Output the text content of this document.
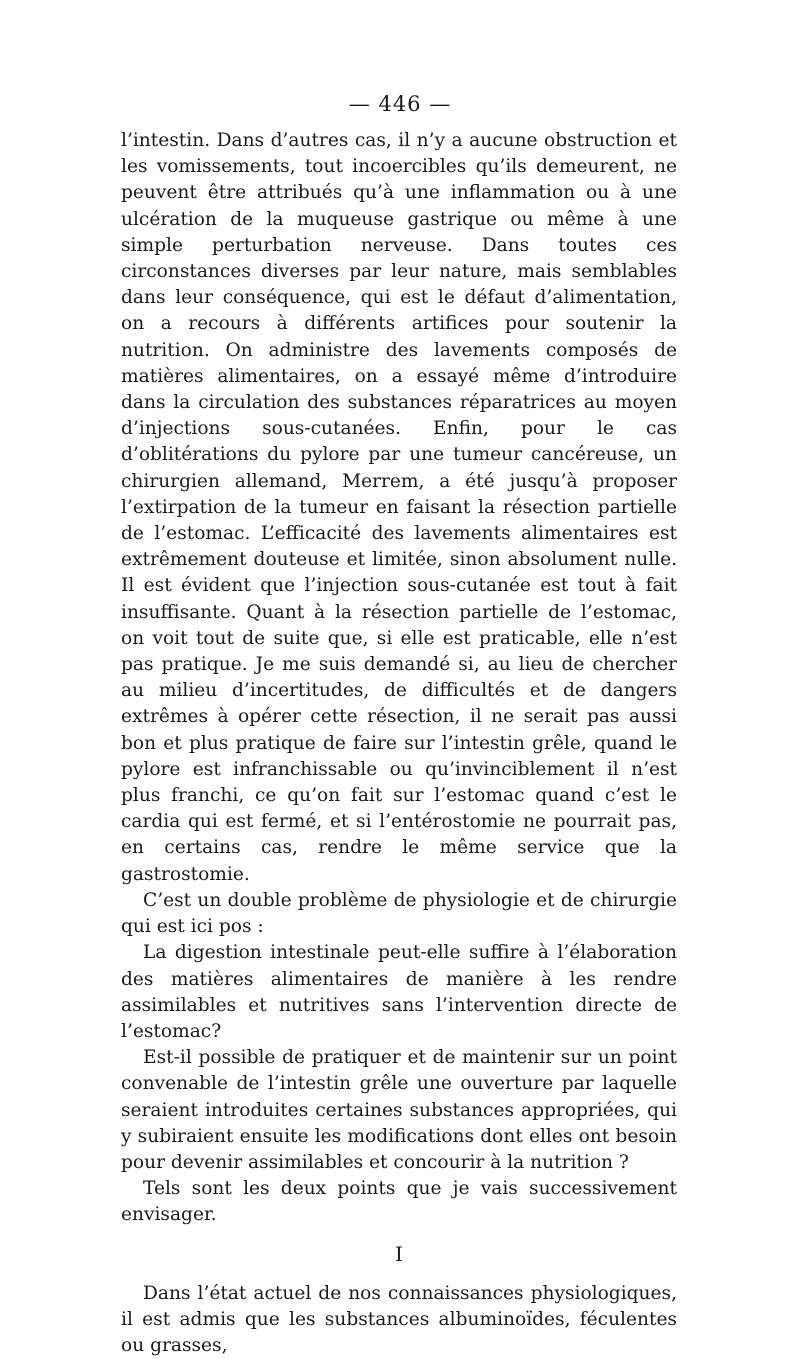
— 446 —

l’intestin. Dans d’autres cas, il n’y a aucune obstruction et les vomissements, tout incoercibles qu’ils demeurent, ne peuvent être attribués qu’à une inflammation ou à une ulcération de la muqueuse gastrique ou même à une simple perturbation nerveuse. Dans toutes ces circonstances diverses par leur nature, mais semblables dans leur conséquence, qui est le défaut d’alimentation, on a recours à différents artifices pour soutenir la nutrition. On administre des lavements composés de matières alimentaires, on a essayé même d’introduire dans la circulation des substances réparatrices au moyen d’injections sous-cutanées. Enfin, pour le cas d’oblitérations du pylore par une tumeur cancéreuse, un chirurgien allemand, Merrem, a été jusqu’à proposer l’extirpation de la tumeur en faisant la résection partielle de l’estomac. L’efficacité des lavements alimentaires est extrêmement douteuse et limitée, sinon absolument nulle. Il est évident que l’injection sous-cutanée est tout à fait insuffisante. Quant à la résection partielle de l’estomac, on voit tout de suite que, si elle est praticable, elle n’est pas pratique. Je me suis demandé si, au lieu de chercher au milieu d’incertitudes, de difficultés et de dangers extrêmes à opérer cette résection, il ne serait pas aussi bon et plus pratique de faire sur l’intestin grêle, quand le pylore est infranchissable ou qu’invinciblement il n’est plus franchi, ce qu’on fait sur l’estomac quand c’est le cardia qui est fermé, et si l’entérostomie ne pourrait pas, en certains cas, rendre le même service que la gastrostomie.

C’est un double problème de physiologie et de chirurgie qui est ici pos :

La digestion intestinale peut-elle suffire à l’élaboration des matières alimentaires de manière à les rendre assimilables et nutritives sans l’intervention directe de l’estomac?

Est-il possible de pratiquer et de maintenir sur un point convenable de l’intestin grêle une ouverture par laquelle seraient introduites certaines substances appropriées, qui y subiraient ensuite les modifications dont elles ont besoin pour devenir assimilables et concourir à la nutrition ?

Tels sont les deux points que je vais successivement envisager.

I

Dans l’état actuel de nos connaissances physiologiques, il est admis que les substances albuminoïdes, féculentes ou grasses,
